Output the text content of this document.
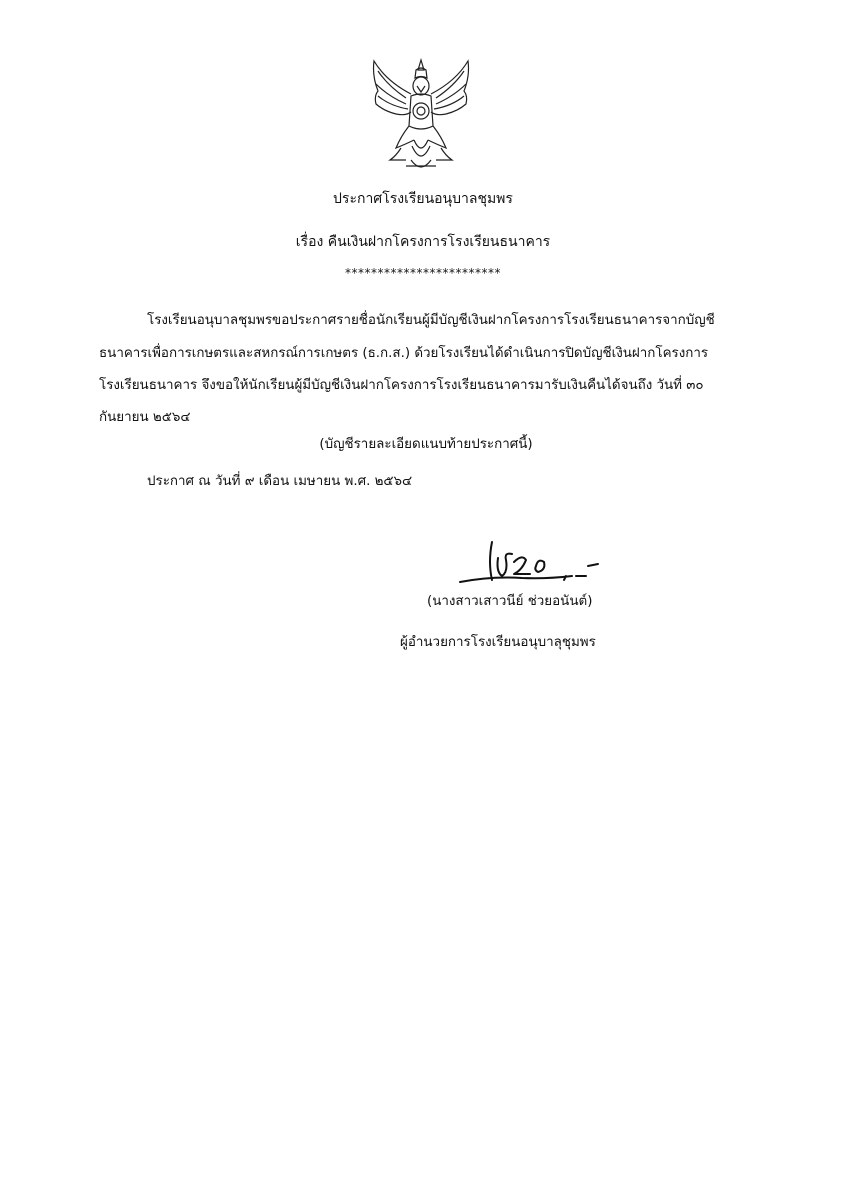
ประกาศโรงเรียนอนุบาลชุมพร
เรื่อง คืนเงินฝากโครงการโรงเรียนธนาคาร
************************
โรงเรียนอนุบาลชุมพรขอประกาศรายชื่อนักเรียนผู้มีบัญชีเงินฝากโครงการโรงเรียนธนาคารจากบัญชี
ธนาคารเพื่อการเกษตรและสหกรณ์การเกษตร (ธ.ก.ส.) ด้วยโรงเรียนได้ดำเนินการปิดบัญชีเงินฝากโครงการ
โรงเรียนธนาคาร จึงขอให้นักเรียนผู้มีบัญชีเงินฝากโครงการโรงเรียนธนาคารมารับเงินคืนได้จนถึง วันที่ ๓๐
กันยายน ๒๕๖๔
(บัญชีรายละเอียดแนบท้ายประกาศนี้)
ประกาศ ณ วันที่ ๙ เดือน เมษายน พ.ศ. ๒๕๖๔
(นางสาวเสาวนีย์ ช่วยอนันต์)
ผู้อำนวยการโรงเรียนอนุบาลุชุมพร
